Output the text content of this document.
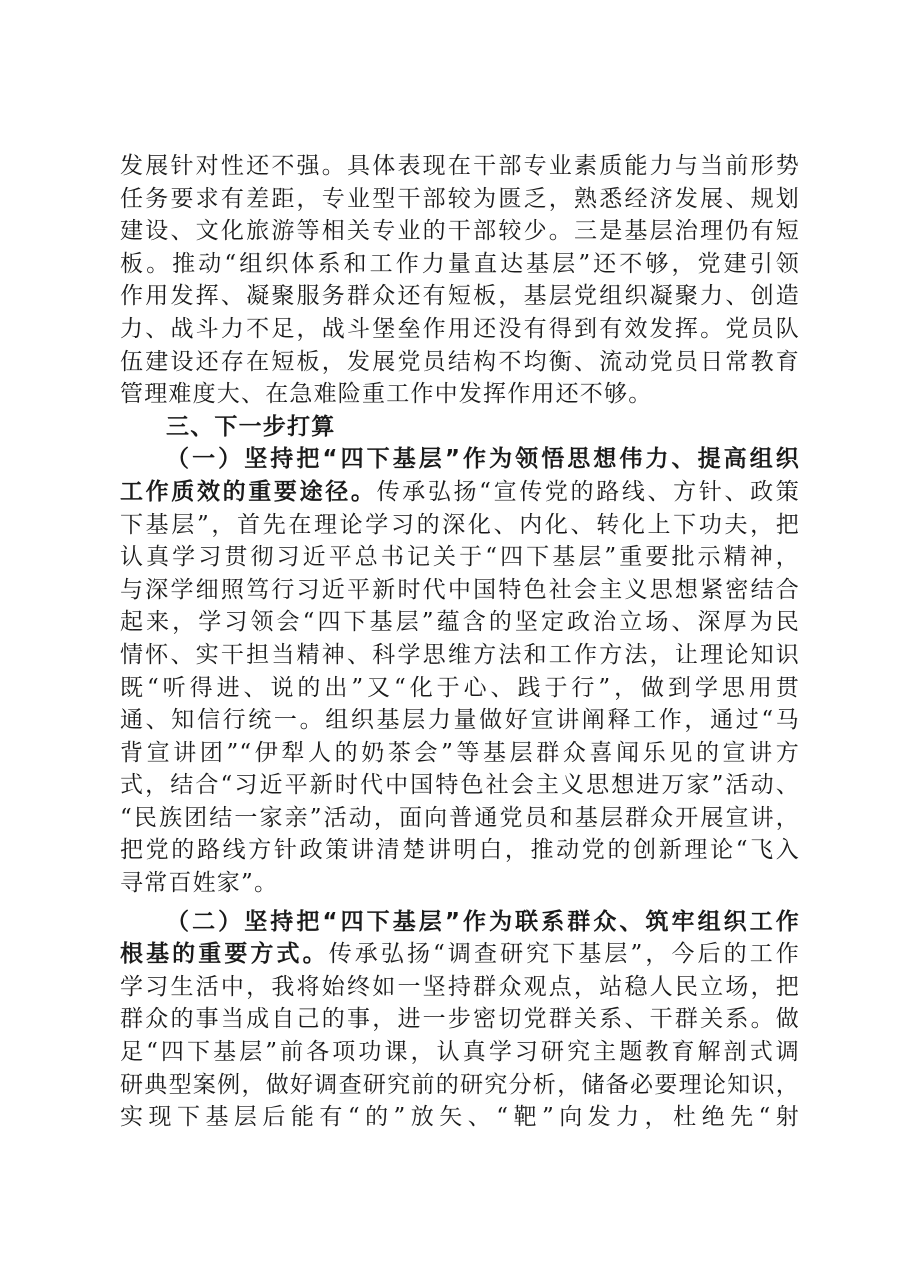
发展针对性还不强。具体表现在干部专业素质能力与当前形势
任务要求有差距，专业型干部较为匮乏，熟悉经济发展、规划
建设、文化旅游等相关专业的干部较少。三是基层治理仍有短
板。推动“组织体系和工作力量直达基层”还不够，党建引领
作用发挥、凝聚服务群众还有短板，基层党组织凝聚力、创造
力、战斗力不足，战斗堡垒作用还没有得到有效发挥。党员队
伍建设还存在短板，发展党员结构不均衡、流动党员日常教育
管理难度大、在急难险重工作中发挥作用还不够。
三、下一步打算
（一）坚持把“四下基层”作为领悟思想伟力、提高组织
工作质效的重要途径。传承弘扬“宣传党的路线、方针、政策
下基层”，首先在理论学习的深化、内化、转化上下功夫，把
认真学习贯彻习近平总书记关于“四下基层”重要批示精神，
与深学细照笃行习近平新时代中国特色社会主义思想紧密结合
起来，学习领会“四下基层”蕴含的坚定政治立场、深厚为民
情怀、实干担当精神、科学思维方法和工作方法，让理论知识
既“听得进、说的出”又“化于心、践于行”，做到学思用贯
通、知信行统一。组织基层力量做好宣讲阐释工作，通过“马
背宣讲团”“伊犁人的奶茶会”等基层群众喜闻乐见的宣讲方
式，结合“习近平新时代中国特色社会主义思想进万家”活动、
“民族团结一家亲”活动，面向普通党员和基层群众开展宣讲，
把党的路线方针政策讲清楚讲明白，推动党的创新理论“飞入
寻常百姓家”。
（二）坚持把“四下基层”作为联系群众、筑牢组织工作
根基的重要方式。传承弘扬“调查研究下基层”，今后的工作
学习生活中，我将始终如一坚持群众观点，站稳人民立场，把
群众的事当成自己的事，进一步密切党群关系、干群关系。做
足“四下基层”前各项功课，认真学习研究主题教育解剖式调
研典型案例，做好调查研究前的研究分析，储备必要理论知识，
实现下基层后能有“的”放矢、“靶”向发力，杜绝先“射
